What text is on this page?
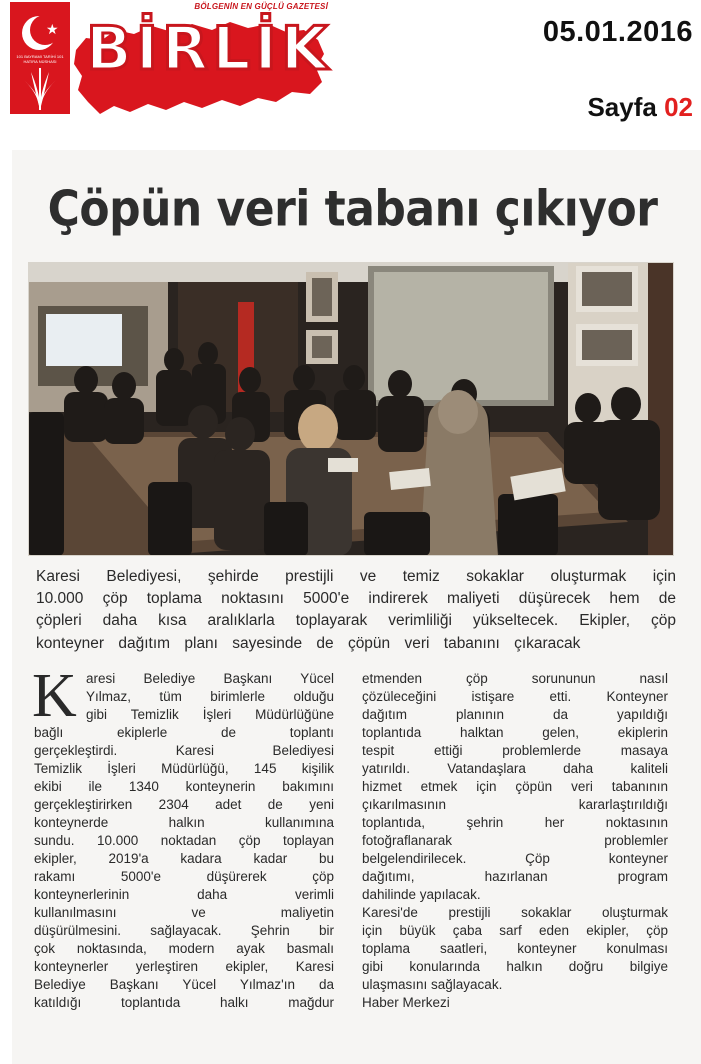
★
101 BAYRAMI TARİHİ 101 HATIRA NÜSHASI
BÖLGENİN EN GÜÇLÜ GAZETESİ
BİRLİK	05.01.2016
Sayfa 02
Çöpün veri tabanı çıkıyor
Karesi Belediyesi, şehirde prestijli ve temiz sokaklar oluşturmak için
10.000 çöp toplama noktasını 5000'e indirerek maliyeti düşürecek hem de
çöpleri daha kısa aralıklarla toplayarak verimliliği yükseltecek. Ekipler, çöp
konteyner dağıtım planı sayesinde de çöpün veri tabanını çıkaracak
K aresi Belediye Başkanı Yücel
Yılmaz, tüm birimlerle olduğu
gibi Temizlik İşleri Müdürlüğüne
bağlı ekiplerle de toplantı
gerçekleştirdi. Karesi Belediyesi
Temizlik İşleri Müdürlüğü, 145 kişilik
ekibi ile 1340 konteynerin bakımını
gerçekleştirirken 2304 adet de yeni
konteynerde halkın kullanımına
sundu. 10.000 noktadan çöp toplayan
ekipler, 2019'a kadara kadar bu
rakamı 5000'e düşürerek çöp
konteynerlerinin daha verimli
kullanılmasını ve maliyetin
düşürülmesini. sağlayacak. Şehrin bir
çok noktasında, modern ayak basmalı
konteynerler yerleştiren ekipler, Karesi
Belediye Başkanı Yücel Yılmaz'ın da
katıldığı toplantıda halkı mağdur
etmenden çöp sorununun nasıl
çözüleceğini istişare etti. Konteyner
dağıtım planının da yapıldığı
toplantıda halktan gelen, ekiplerin
tespit ettiği problemlerde masaya
yatırıldı. Vatandaşlara daha kaliteli
hizmet etmek için çöpün veri tabanının
çıkarılmasının kararlaştırıldığı
toplantıda, şehrin her noktasının
fotoğraflanarak problemler
belgelendirilecek. Çöp konteyner
dağıtımı, hazırlanan program
dahilinde yapılacak.
Karesi'de prestijli sokaklar oluşturmak
için büyük çaba sarf eden ekipler, çöp
toplama saatleri, konteyner konulması
gibi konularında halkın doğru bilgiye
ulaşmasını sağlayacak.
Haber Merkezi
